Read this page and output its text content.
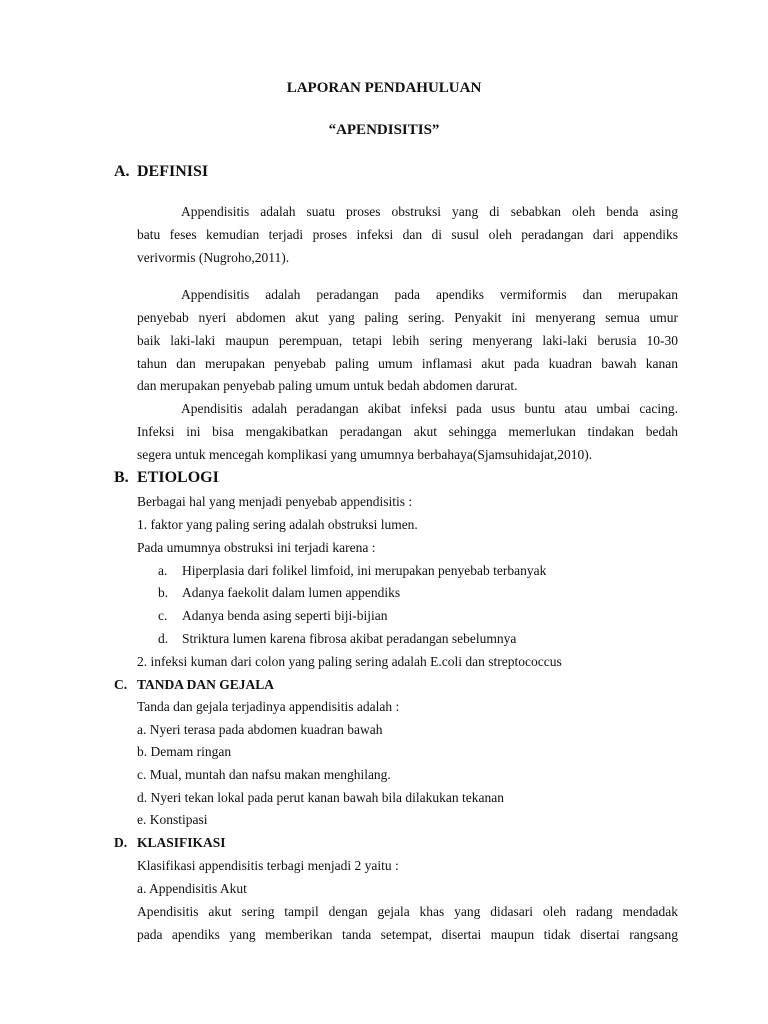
LAPORAN PENDAHULUAN
“APENDISITIS”
A. DEFINISI
Appendisitis adalah suatu proses obstruksi yang di sebabkan oleh benda asing
batu feses kemudian terjadi proses infeksi dan di susul oleh peradangan dari appendiks
verivormis (Nugroho,2011).
Appendisitis adalah peradangan pada apendiks vermiformis dan merupakan
penyebab nyeri abdomen akut yang paling sering. Penyakit ini menyerang semua umur
baik laki-laki maupun perempuan, tetapi lebih sering menyerang laki-laki berusia 10-30
tahun dan merupakan penyebab paling umum inflamasi akut pada kuadran bawah kanan
dan merupakan penyebab paling umum untuk bedah abdomen darurat.
Apendisitis adalah peradangan akibat infeksi pada usus buntu atau umbai cacing.
Infeksi ini bisa mengakibatkan peradangan akut sehingga memerlukan tindakan bedah
segera untuk mencegah komplikasi yang umumnya berbahaya(Sjamsuhidajat,2010).
B. ETIOLOGI
Berbagai hal yang menjadi penyebab appendisitis :
1. faktor yang paling sering adalah obstruksi lumen.
Pada umumnya obstruksi ini terjadi karena :
a. Hiperplasia dari folikel limfoid, ini merupakan penyebab terbanyak
b. Adanya faekolit dalam lumen appendiks
c. Adanya benda asing seperti biji-bijian
d. Striktura lumen karena fibrosa akibat peradangan sebelumnya
2. infeksi kuman dari colon yang paling sering adalah E.coli dan streptococcus
C. TANDA DAN GEJALA
Tanda dan gejala terjadinya appendisitis adalah :
a. Nyeri terasa pada abdomen kuadran bawah
b. Demam ringan
c. Mual, muntah dan nafsu makan menghilang.
d. Nyeri tekan lokal pada perut kanan bawah bila dilakukan tekanan
e. Konstipasi
D. KLASIFIKASI
Klasifikasi appendisitis terbagi menjadi 2 yaitu :
a. Appendisitis Akut
Apendisitis akut sering tampil dengan gejala khas yang didasari oleh radang mendadak
pada apendiks yang memberikan tanda setempat, disertai maupun tidak disertai rangsang
